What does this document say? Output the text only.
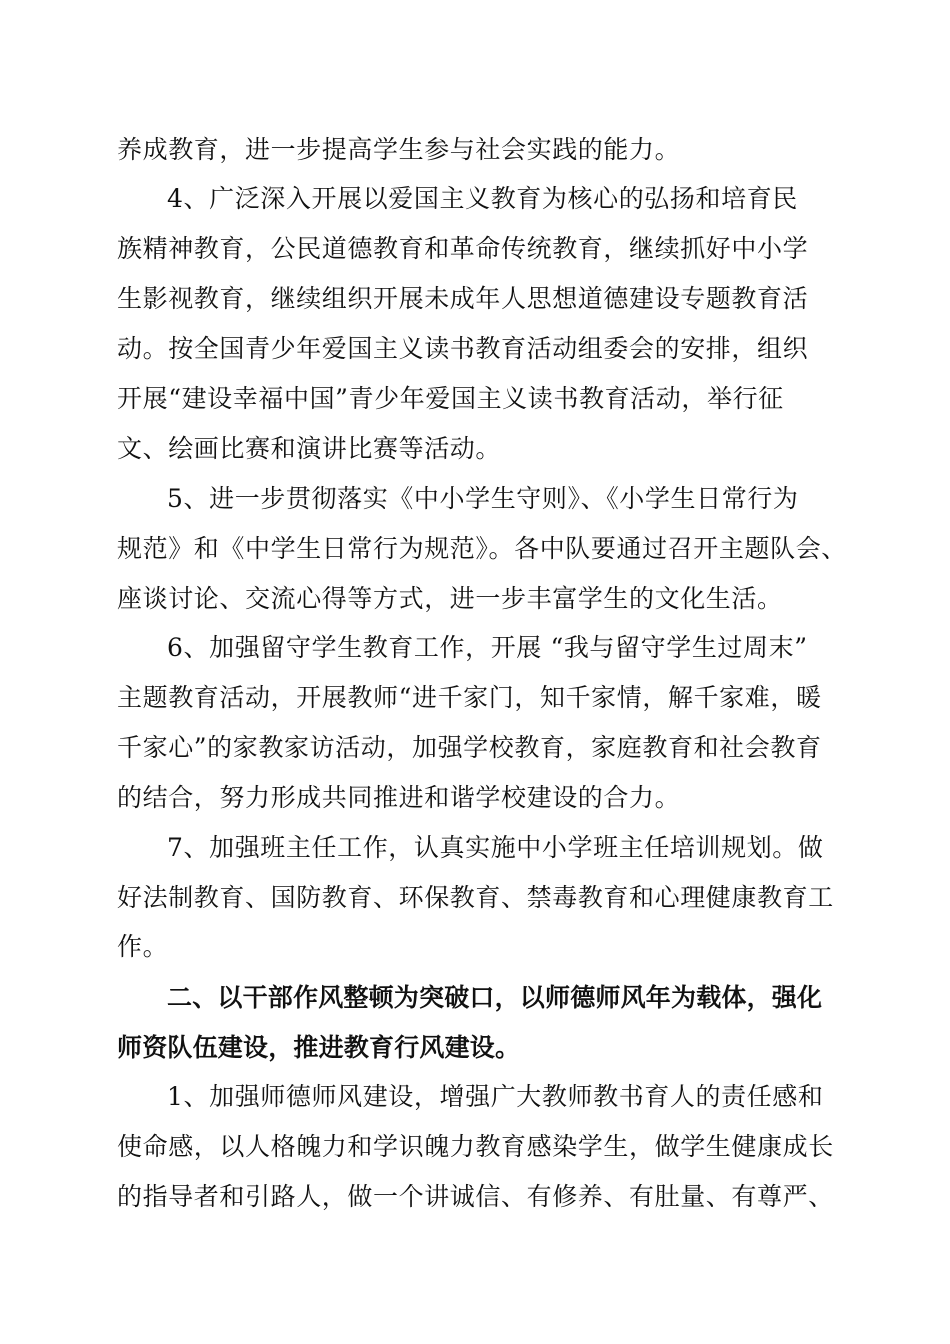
养成教育，进一步提高学生参与社会实践的能力。
4、广泛深入开展以爱国主义教育为核心的弘扬和培育民
族精神教育，公民道德教育和革命传统教育，继续抓好中小学
生影视教育，继续组织开展未成年人思想道德建设专题教育活
动。按全国青少年爱国主义读书教育活动组委会的安排，组织
开展“建设幸福中国”青少年爱国主义读书教育活动，举行征
文、绘画比赛和演讲比赛等活动。
5、进一步贯彻落实《中小学生守则》、《小学生日常行为
规范》和《中学生日常行为规范》。各中队要通过召开主题队会、
座谈讨论、交流心得等方式，进一步丰富学生的文化生活。
6、加强留守学生教育工作，开展 “我与留守学生过周末”
主题教育活动，开展教师“进千家门，知千家情，解千家难，暖
千家心”的家教家访活动，加强学校教育，家庭教育和社会教育
的结合，努力形成共同推进和谐学校建设的合力。
7、加强班主任工作，认真实施中小学班主任培训规划。做
好法制教育、国防教育、环保教育、禁毒教育和心理健康教育工
作。
二、以干部作风整顿为突破口，以师德师风年为载体，强化
师资队伍建设，推进教育行风建设。
1、加强师德师风建设，增强广大教师教书育人的责任感和
使命感，以人格魄力和学识魄力教育感染学生，做学生健康成长
的指导者和引路人，做一个讲诚信、有修养、有肚量、有尊严、
